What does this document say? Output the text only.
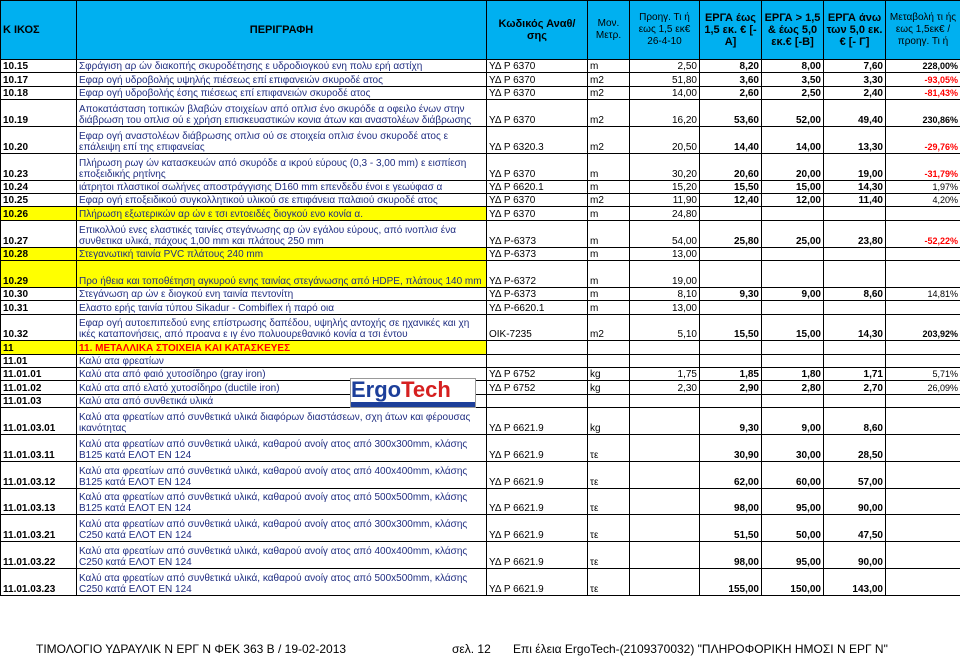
Κ ΙΚΟΣ	ΠΕΡΙΓΡΑΦΗ	Κωδικός Αναθ/σης	Μον. Μετρ.	Προηγ. Τι ή εως 1,5 εκ€ 26-4-10	ΕΡΓΑ έως 1,5 εκ. € [-Α]	ΕΡΓΑ > 1,5 & έως 5,0 εκ.€ [-Β]	ΕΡΓΑ άνω των 5,0 εκ. € [- Γ]	Μεταβολή τι ής εως 1,5εκ€ / προηγ. Τι ή
10.15	Σφράγιση αρ ών διακοπής σκυροδέτησης ε υδροδιογκού ενη πολυ ερή αστίχη	ΥΔ Ρ 6370	m	2,50	8,20	8,00	7,60	228,00%
10.17	Εφαρ ογή υδροβολής υψηλής πιέσεως επί επιφανειών σκυροδέ ατος	ΥΔ Ρ 6370	m2	51,80	3,60	3,50	3,30	-93,05%
10.18	Εφαρ ογή υδροβολής έσης πιέσεως επί επιφανειών σκυροδέ ατος	ΥΔ Ρ 6370	m2	14,00	2,60	2,50	2,40	-81,43%
10.19	Αποκατάσταση τοπικών βλαβών στοιχείων από οπλισ ένο σκυρόδε α οφειλο ένων στην διάβρωση του οπλισ ού ε χρήση επισκευαστικών κονια άτων και αναστολέων διάβρωσης	ΥΔ Ρ 6370	m2	16,20	53,60	52,00	49,40	230,86%
10.20	Εφαρ ογή αναστολέων διάβρωσης οπλισ ού σε στοιχεία οπλισ ένου σκυροδέ ατος ε επάλειψη επί της επιφανείας	ΥΔ Ρ 6320.3	m2	20,50	14,40	14,00	13,30	-29,76%
10.23	Πλήρωση ρωγ ών κατασκευών από σκυρόδε α ικρού εύρους (0,3 - 3,00 mm) ε εισπίεση εποξειδικής ρητίνης	ΥΔ Ρ 6370	m	30,20	20,60	20,00	19,00	-31,79%
10.24	ιάτρητοι πλαστικοί σωλήνες αποστράγγισης D160 mm επενδεδυ ένοι ε γεωύφασ α	ΥΔ Ρ 6620.1	m	15,20	15,50	15,00	14,30	1,97%
10.25	Εφαρ ογή εποξειδικού συγκολλητικού υλικού σε επιφάνεια παλαιού σκυροδέ ατος	ΥΔ Ρ 6370	m2	11,90	12,40	12,00	11,40	4,20%
10.26	Πλήρωση εξωτερικών αρ ών ε τσι εντοειδές διογκού ενο κονία α.	ΥΔ Ρ 6370	m	24,80				
10.27	Επικολλού ενες ελαστικές ταινίες στεγάνωσης αρ ών εγάλου εύρους, από ινοπλισ ένα συνθετικα υλικά, πάχους 1,00 mm και πλάτους 250 mm	ΥΔ Ρ-6373	m	54,00	25,80	25,00	23,80	-52,22%
10.28	Στεγανωτική ταινία PVC πλάτους 240 mm	ΥΔ Ρ-6373	m	13,00				
10.29	Προ ήθεια και τοποθέτηση αγκυρού ενης ταινίας στεγάνωσης από HDPE, πλάτους 140 mm	ΥΔ Ρ-6372	m	19,00				
10.30	Στεγάνωση αρ ών ε διογκού ενη ταινία πεντονίτη	ΥΔ Ρ-6373	m	8,10	9,30	9,00	8,60	14,81%
10.31	Ελαστο ερής ταινία τύπου Sikadur - Combiflex ή παρό οια	ΥΔ Ρ-6620.1	m	13,00				
10.32	Εφαρ ογή αυτοεπιπεδού ενης επίστρωσης δαπέδου, υψηλής αντοχής σε ηχανικές και χη ικές καταπονήσεις, από προανα ε ιγ ένο πολυουρεθανικό κονία α τσι έντου	ΟΙΚ-7235	m2	5,10	15,50	15,00	14,30	203,92%
11	11. ΜΕΤΑΛΛΙΚΑ ΣΤΟΙΧΕΙΑ ΚΑΙ ΚΑΤΑΣΚΕΥΕΣ							
11.01	Καλύ ατα φρεατίων							
11.01.01	Καλύ ατα από φαιό χυτοσίδηρο (gray iron)	ΥΔ Ρ 6752	kg	1,75	1,85	1,80	1,71	5,71%
11.01.02	Καλύ ατα από ελατό χυτοσίδηρο (ductile iron)	ΥΔ Ρ 6752	kg	2,30	2,90	2,80	2,70	26,09%
11.01.03	Καλύ ατα από συνθετικά υλικά							
11.01.03.01	Καλύ ατα φρεατίων από συνθετικά υλικά διαφόρων διαστάσεων, σχη άτων και φέρουσας ικανότητας	ΥΔ Ρ 6621.9	kg		9,30	9,00	8,60	
11.01.03.11	Καλύ ατα φρεατίων από συνθετικά υλικά, καθαρού ανοίγ ατος από 300x300mm, κλάσης B125 κατά ΕΛΟΤ ΕΝ 124	ΥΔ Ρ 6621.9	τε		30,90	30,00	28,50	
11.01.03.12	Καλύ ατα φρεατίων από συνθετικά υλικά, καθαρού ανοίγ ατος από 400x400mm, κλάσης B125 κατά ΕΛΟΤ ΕΝ 124	ΥΔ Ρ 6621.9	τε		62,00	60,00	57,00	
11.01.03.13	Καλύ ατα φρεατίων από συνθετικά υλικά, καθαρού ανοίγ ατος από 500x500mm, κλάσης B125 κατά ΕΛΟΤ ΕΝ 124	ΥΔ Ρ 6621.9	τε		98,00	95,00	90,00	
11.01.03.21	Καλύ ατα φρεατίων από συνθετικά υλικά, καθαρού ανοίγ ατος από 300x300mm, κλάσης C250 κατά ΕΛΟΤ ΕΝ 124	ΥΔ Ρ 6621.9	τε		51,50	50,00	47,50	
11.01.03.22	Καλύ ατα φρεατίων από συνθετικά υλικά, καθαρού ανοίγ ατος από 400x400mm, κλάσης C250 κατά ΕΛΟΤ ΕΝ 124	ΥΔ Ρ 6621.9	τε		98,00	95,00	90,00	
11.01.03.23	Καλύ ατα φρεατίων από συνθετικά υλικά, καθαρού ανοίγ ατος από 500x500mm, κλάσης C250 κατά ΕΛΟΤ ΕΝ 124	ΥΔ Ρ 6621.9	τε		155,00	150,00	143,00	
ErgoTech
ΤΙΜΟΛΟΓΙΟ ΥΔΡΑΥΛΙΚ Ν ΕΡΓ Ν ΦΕΚ 363 Β / 19-02-2013	σελ. 12 Επι έλεια ErgoTech-(2109370032) "ΠΛΗΡΟΦΟΡΙΚΗ ΗΜΟΣΙ Ν ΕΡΓ Ν"
